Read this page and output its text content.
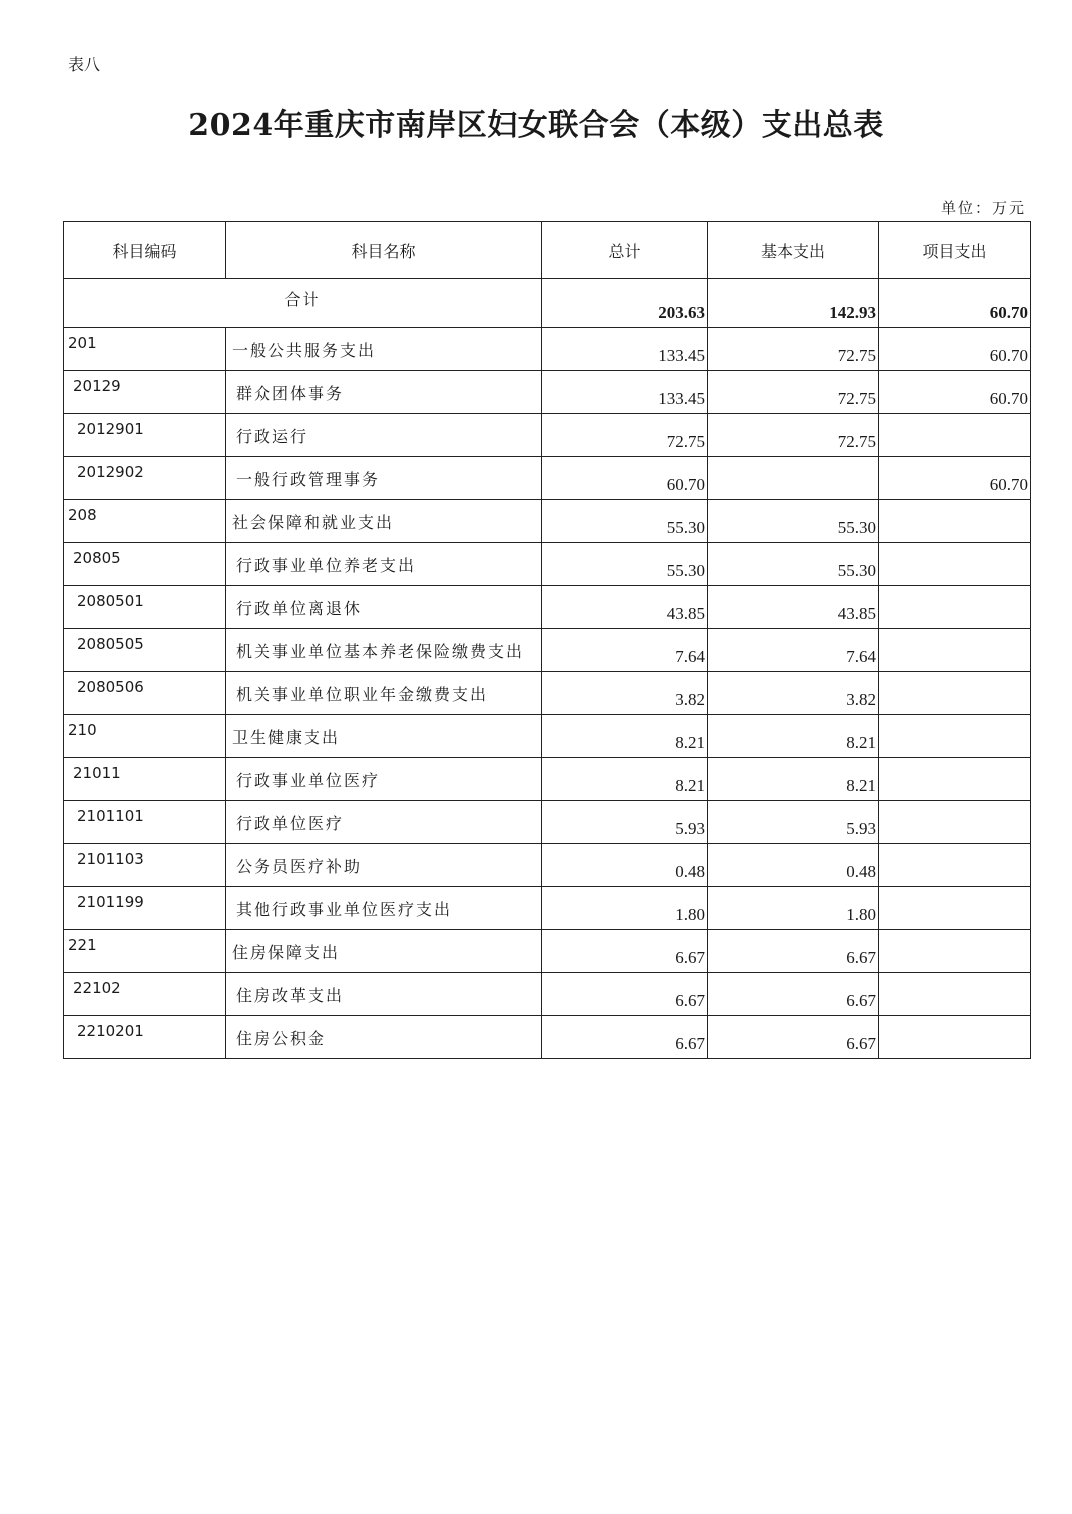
表八
2024年重庆市南岸区妇女联合会（本级）支出总表
单位：万元
科目编码	科目名称	总计	基本支出	项目支出
合计		203.63	142.93	60.70
201	一般公共服务支出	133.45	72.75	60.70
20129	群众团体事务	133.45	72.75	60.70
2012901	行政运行	72.75	72.75	
2012902	一般行政管理事务	60.70		60.70
208	社会保障和就业支出	55.30	55.30	
20805	行政事业单位养老支出	55.30	55.30	
2080501	行政单位离退休	43.85	43.85	
2080505	机关事业单位基本养老保险缴费支出	7.64	7.64	
2080506	机关事业单位职业年金缴费支出	3.82	3.82	
210	卫生健康支出	8.21	8.21	
21011	行政事业单位医疗	8.21	8.21	
2101101	行政单位医疗	5.93	5.93	
2101103	公务员医疗补助	0.48	0.48	
2101199	其他行政事业单位医疗支出	1.80	1.80	
221	住房保障支出	6.67	6.67	
22102	住房改革支出	6.67	6.67	
2210201	住房公积金	6.67	6.67	
